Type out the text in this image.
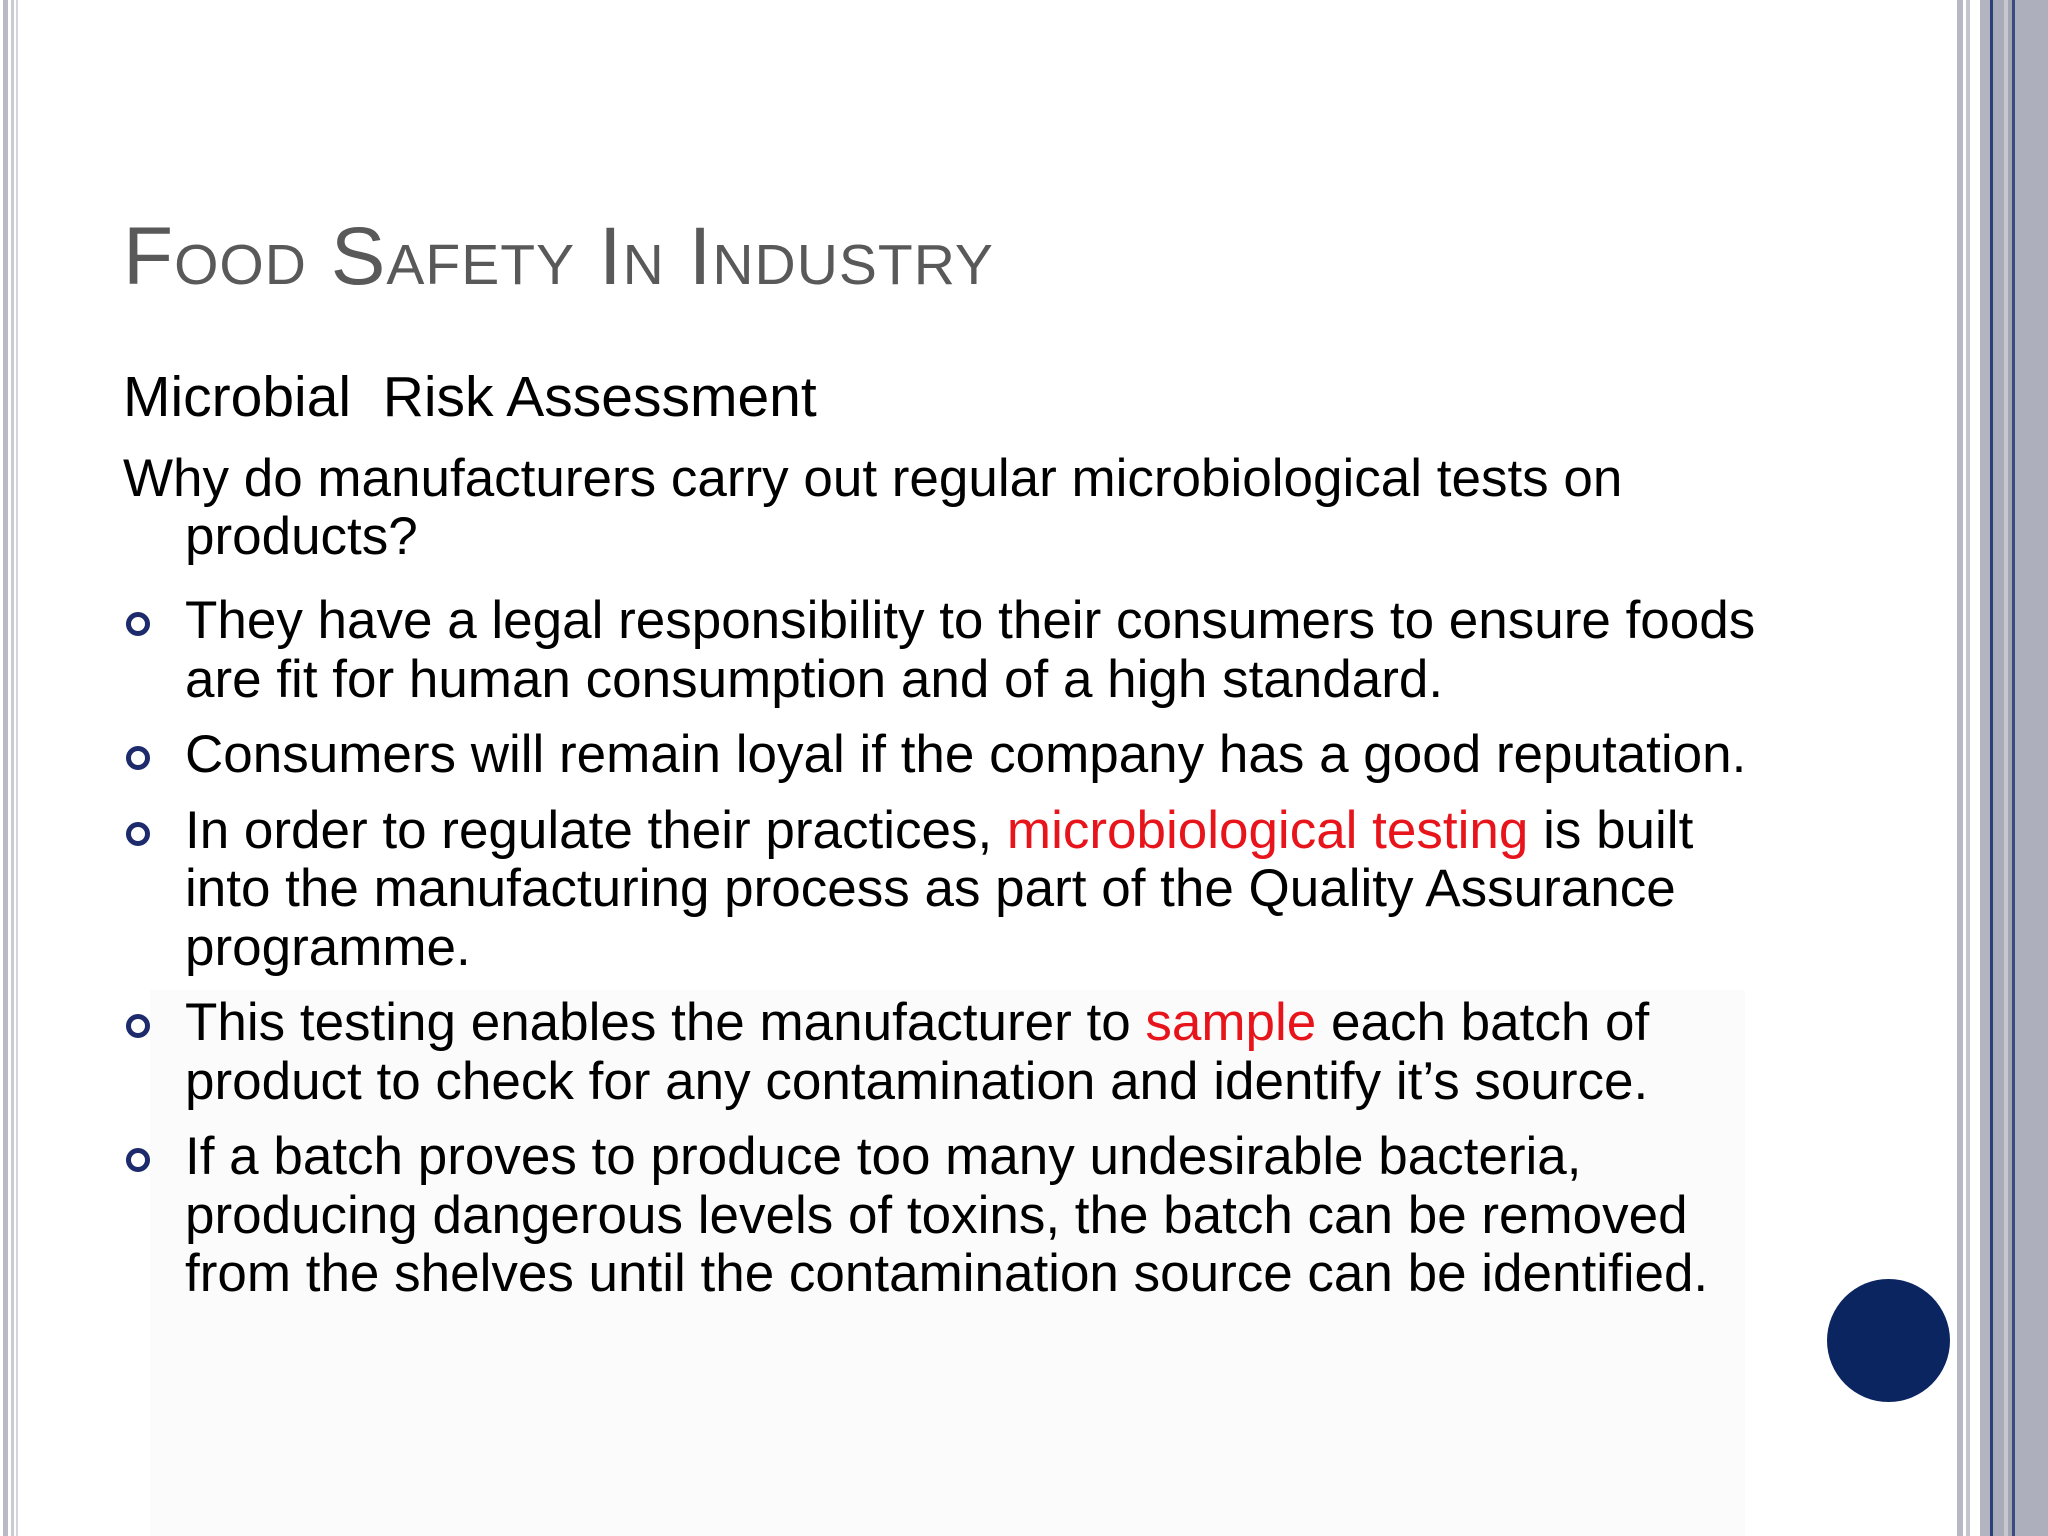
Food Safety In Industry
Microbial  Risk Assessment

Why do manufacturers carry out regular microbiological tests on products?

They have a legal responsibility to their consumers to ensure foods are fit for human consumption and of a high standard.
Consumers will remain loyal if the company has a good reputation.
In order to regulate their practices, microbiological testing is built into the manufacturing process as part of the Quality Assurance programme.
This testing enables the manufacturer to sample each batch of product to check for any contamination and identify it’s source.
If a batch proves to produce too many undesirable bacteria, producing dangerous levels of toxins, the batch can be removed from the shelves until the contamination source can be identified.
